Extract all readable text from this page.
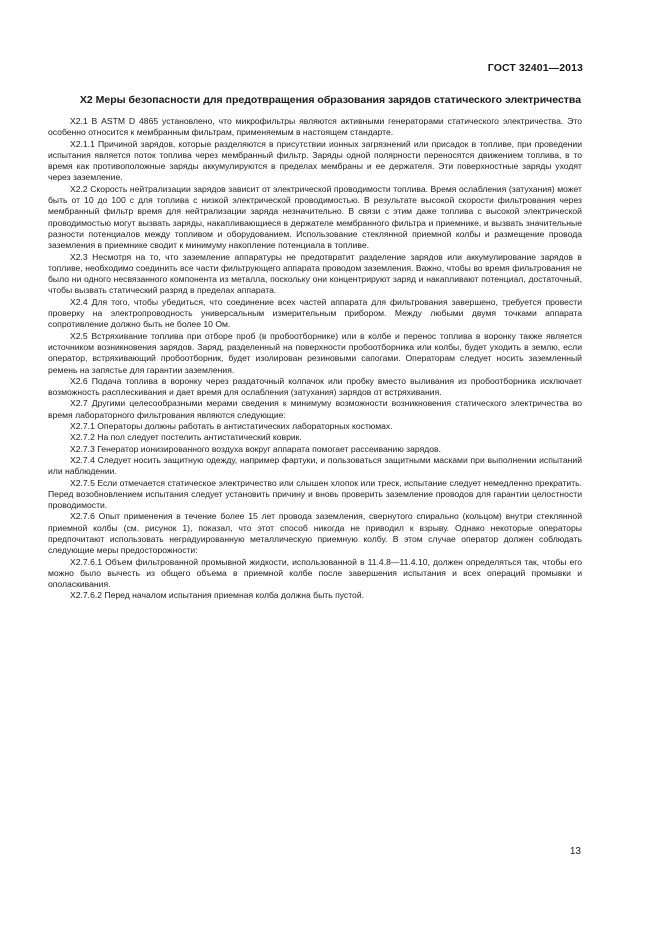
ГОСТ 32401—2013
X2 Меры безопасности для предотвращения образования зарядов статического электричества

X2.1 В ASTM D 4865 установлено, что микрофильтры являются активными генераторами статического электричества. Это особенно относится к мембранным фильтрам, применяемым в настоящем стандарте.

X2.1.1 Причиной зарядов, которые разделяются в присутствии ионных загрязнений или присадок в топливе, при проведении испытания является поток топлива через мембранный фильтр. Заряды одной полярности переносятся движением топлива, в то время как противоположные заряды аккумулируются в пределах мембраны и ее держателя. Эти поверхностные заряды уходят через заземление.

X2.2 Скорость нейтрализации зарядов зависит от электрической проводимости топлива. Время ослабления (затухания) может быть от 10 до 100 с для топлива с низкой электрической проводимостью. В результате высокой скорости фильтрования через мембранный фильтр время для нейтрализации заряда незначительно. В связи с этим даже топлива с высокой электрической проводимостью могут вызвать заряды, накапливающиеся в держателе мембранного фильтра и приемнике, и вызвать значительные разности потенциалов между топливом и оборудованием. Использование стеклянной приемной колбы и размещение провода заземления в приемнике сводит к минимуму накопление потенциала в топливе.

X2.3 Несмотря на то, что заземление аппаратуры не предотвратит разделение зарядов или аккумулирование зарядов в топливе, необходимо соединить все части фильтрующего аппарата проводом заземления. Важно, чтобы во время фильтрования не было ни одного несвязанного компонента из металла, поскольку они концентрируют заряд и накапливают потенциал, достаточный, чтобы вызвать статический разряд в пределах аппарата.

X2.4 Для того, чтобы убедиться, что соединение всех частей аппарата для фильтрования завершено, требуется провести проверку на электропроводность универсальным измерительным прибором. Между любыми двумя точками аппарата сопротивление должно быть не более 10 Ом.

X2.5 Встряхивание топлива при отборе проб (в пробоотборнике) или в колбе и перенос топлива в воронку также является источником возникновения зарядов. Заряд, разделенный на поверхности пробоотборника или колбы, будет уходить в землю, если оператор, встряхивающий пробоотборник, будет изолирован резиновыми сапогами. Операторам следует носить заземленный ремень на запястье для гарантии заземления.

X2.6 Подача топлива в воронку через раздаточный колпачок или пробку вместо выливания из пробоотборника исключает возможность расплескивания и дает время для ослабления (затухания) зарядов от встряхивания.

X2.7 Другими целесообразными мерами сведения к минимуму возможности возникновения статического электричества во время лабораторного фильтрования являются следующие:

X2.7.1 Операторы должны работать в антистатических лабораторных костюмах.

X2.7.2 На пол следует постелить антистатический коврик.

X2.7.3 Генератор ионизированного воздуха вокруг аппарата помогает рассеиванию зарядов.

X2.7.4 Следует носить защитную одежду, например фартуки, и пользоваться защитными масками при выполнении испытаний или наблюдении.

X2.7.5 Если отмечается статическое электричество или слышен хлопок или треск, испытание следует немедленно прекратить. Перед возобновлением испытания следует установить причину и вновь проверить заземление проводов для гарантии целостности проводимости.

X2.7.6 Опыт применения в течение более 15 лет провода заземления, свернутого спирально (кольцом) внутри стеклянной приемной колбы (см. рисунок 1), показал, что этот способ никогда не приводил к взрыву. Однако некоторые операторы предпочитают использовать неградуированную металлическую приемную колбу. В этом случае оператор должен соблюдать следующие меры предосторожности:

X2.7.6.1 Объем фильтрованной промывной жидкости, использованной в 11.4.8—11.4.10, должен определяться так, чтобы его можно было вычесть из общего объема в приемной колбе после завершения испытания и всех операций промывки и ополаскивания.

X2.7.6.2 Перед началом испытания приемная колба должна быть пустой.

13
